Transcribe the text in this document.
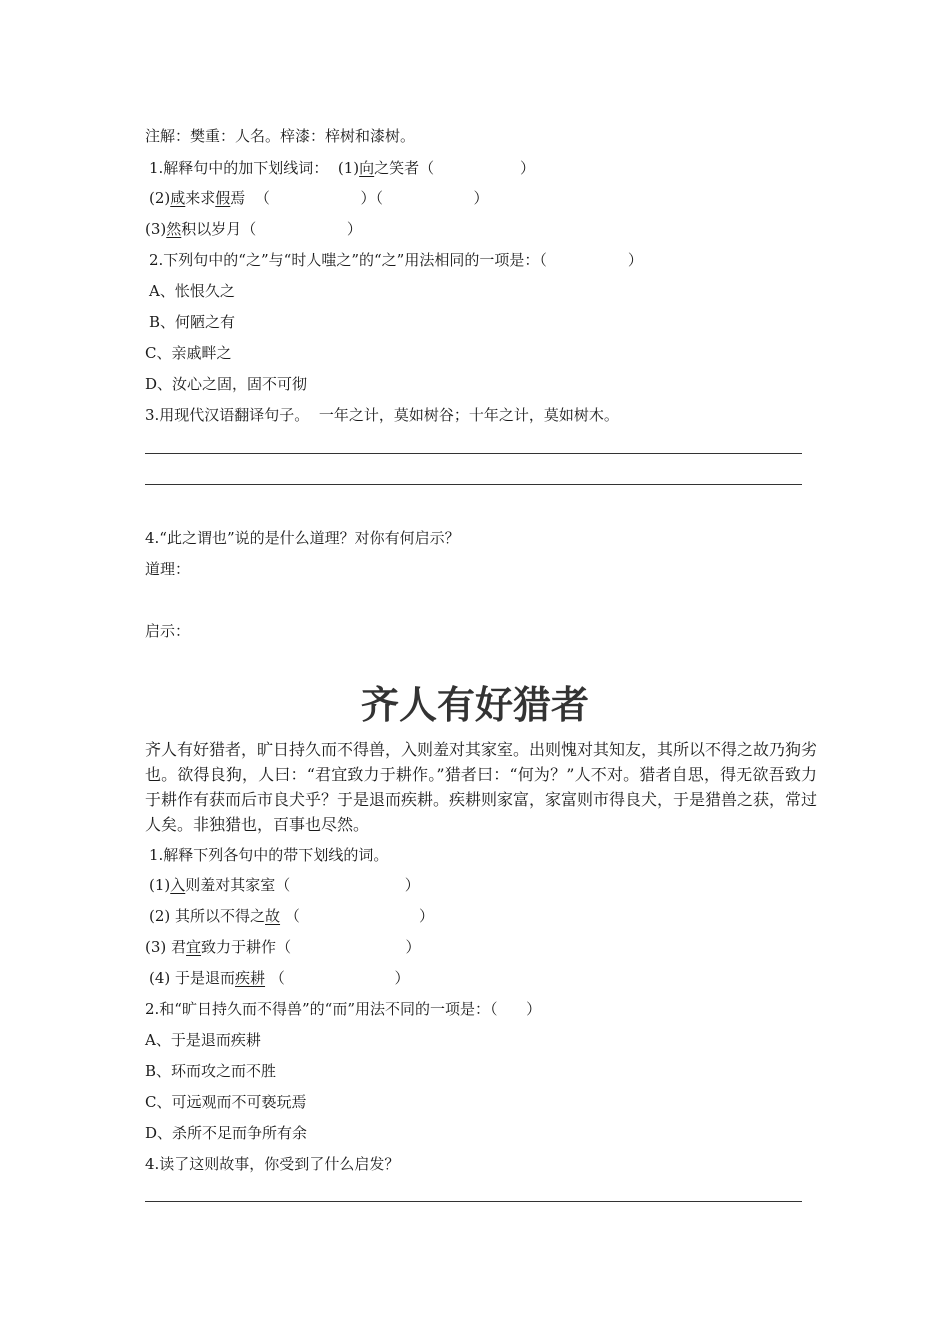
注解：樊重：人名。梓漆：梓树和漆树。
1.解释句中的加下划线词： (1)向之笑者（                  ）
(2)咸来求假焉 （                   ）（                   ）
(3)然积以岁月（                   ）
2.下列句中的“之”与“时人嗤之”的“之”用法相同的一项是：（                 ）
A、怅恨久之
B、何陋之有
C、亲戚畔之
D、汝心之固，固不可彻
3.用现代汉语翻译句子。  一年之计，莫如树谷；十年之计，莫如树木。
4.“此之谓也”说的是什么道理？对你有何启示？
道理：
启示：
齐人有好猎者
齐人有好猎者，旷日持久而不得兽，入则羞对其家室。出则愧对其知友，其所以不得之故乃狗劣也。欲得良狗，人曰：“君宜致力于耕作。”猎者曰：“何为？”人不对。猎者自思，得无欲吾致力于耕作有获而后市良犬乎？于是退而疾耕。疾耕则家富，家富则市得良犬，于是猎兽之获，常过人矣。非独猎也，百事也尽然。
1.解释下列各句中的带下划线的词。
(1)入则羞对其家室（                        ）
(2) 其所以不得之故 （                         ）
(3) 君宜致力于耕作（                        ）
(4) 于是退而疾耕 （                       ）
2.和“旷日持久而不得兽”的“而”用法不同的一项是：（      ）
A、于是退而疾耕
B、环而攻之而不胜
C、可远观而不可亵玩焉
D、杀所不足而争所有余
4.读了这则故事，你受到了什么启发？
